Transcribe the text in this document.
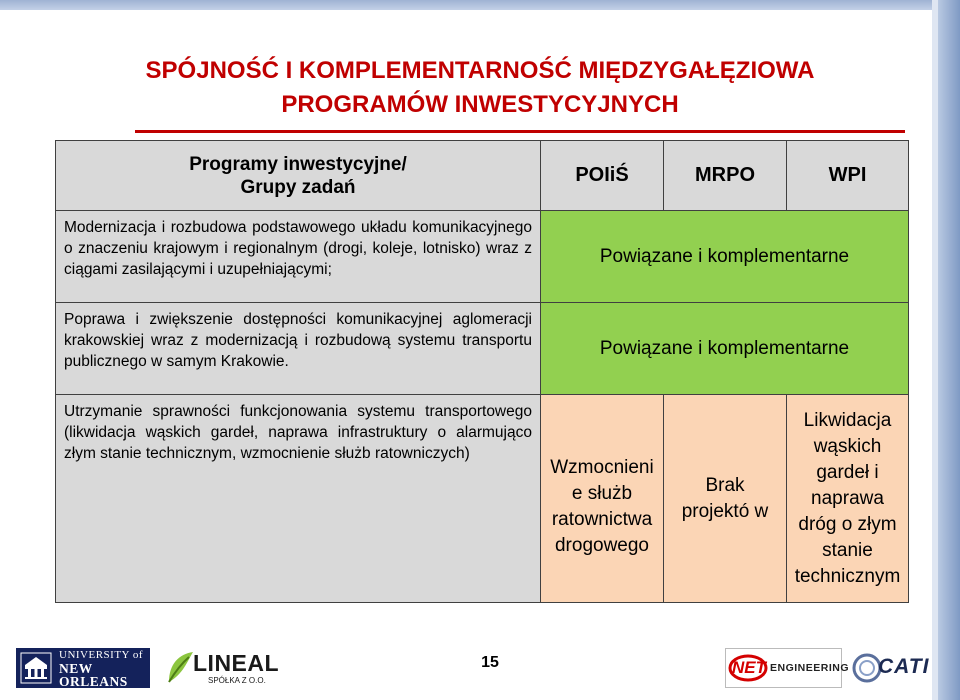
SPÓJNOŚĆ I KOMPLEMENTARNOŚĆ MIĘDZYGAŁĘZIOWA
PROGRAMÓW INWESTYCYJNYCH
Programy inwestycyjne/
Grupy zadań	POIiŚ	MRPO	WPI

Modernizacja i rozbudowa podstawowego układu komunikacyjnego o znaczeniu krajowym i regionalnym (drogi, koleje, lotnisko) wraz z ciągami zasilającymi i uzupełniającymi;	Powiązane i komplementarne		

Poprawa i zwiększenie dostępności komunikacyjnej aglomeracji krakowskiej wraz z modernizacją i rozbudową systemu transportu publicznego w samym Krakowie.	Powiązane i komplementarne		

Utrzymanie sprawności funkcjonowania systemu transportowego (likwidacja wąskich gardeł, naprawa infrastruktury o alarmująco złym stanie technicznym, wzmocnienie służb ratowniczych)	Wzmocnieni e służb ratownictwa drogowego	Brak projektó w	Likwidacja wąskich gardeł i naprawa dróg o złym stanie technicznym
UNIVERSITY of
NEW ORLEANS
LINEAL
SPÓŁKA Z O.O.
15	NET ENGINEERING CATI
